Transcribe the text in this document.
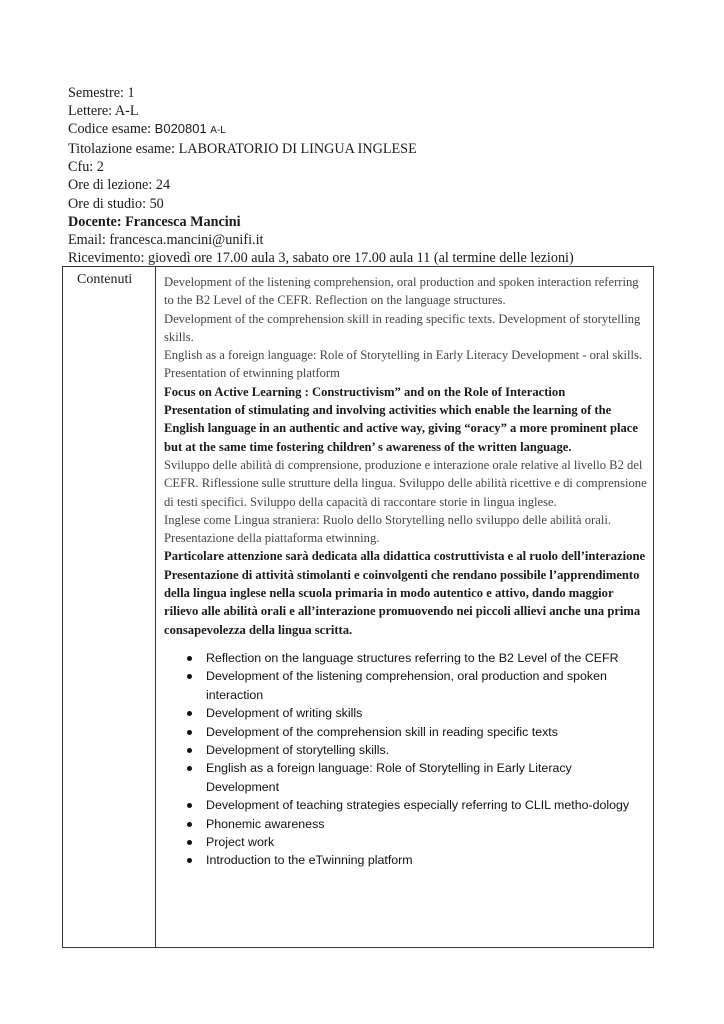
Semestre: 1
Lettere: A-L
Codice esame: B020801 A-L
Titolazione esame: LABORATORIO DI LINGUA INGLESE
Cfu: 2
Ore di lezione: 24
Ore di studio: 50
Docente: Francesca Mancini
Email: francesca.mancini@unifi.it
Ricevimento: giovedì ore 17.00 aula 3, sabato ore 17.00 aula 11 (al termine delle lezioni)
Contenuti	Development of the listening comprehension, oral production and spoken interaction referring to the B2 Level of the CEFR. Reflection on the language structures.

Development of the comprehension skill in reading specific texts. Development of storytelling skills.

English as a foreign language: Role of Storytelling in Early Literacy Development - oral skills. Presentation of etwinning platform

Focus on Active Learning : Constructivism” and on the Role of Interaction

Presentation of stimulating and involving activities which enable the learning of the English language in an authentic and active way, giving “oracy” a more prominent place but at the same time fostering children’ s awareness of the written language.

Sviluppo delle abilità di comprensione, produzione e interazione orale relative al livello B2 del CEFR. Riflessione sulle strutture della lingua. Sviluppo delle abilità ricettive e di comprensione di testi specifici. Sviluppo della capacità di raccontare storie in lingua inglese.

Inglese come Lingua straniera: Ruolo dello Storytelling nello sviluppo delle abilità orali. Presentazione della piattaforma etwinning.

Particolare attenzione sarà dedicata alla didattica costruttivista e al ruolo dell’interazione

Presentazione di attività stimolanti e coinvolgenti che rendano possibile l’apprendimento della lingua inglese nella scuola primaria in modo autentico e attivo, dando maggior rilievo alle abilità orali e all’interazione promuovendo nei piccoli allievi anche una prima consapevolezza della lingua scritta.

Reflection on the language structures referring to the B2 Level of the CEFR
Development of the listening comprehension, oral production and spoken interaction
Development of writing skills
Development of the comprehension skill in reading specific texts
Development of storytelling skills.
English as a foreign language: Role of Storytelling in Early Literacy Development
Development of teaching strategies especially referring to CLIL metho-dology
Phonemic awareness
Project work
Introduction to the eTwinning platform
